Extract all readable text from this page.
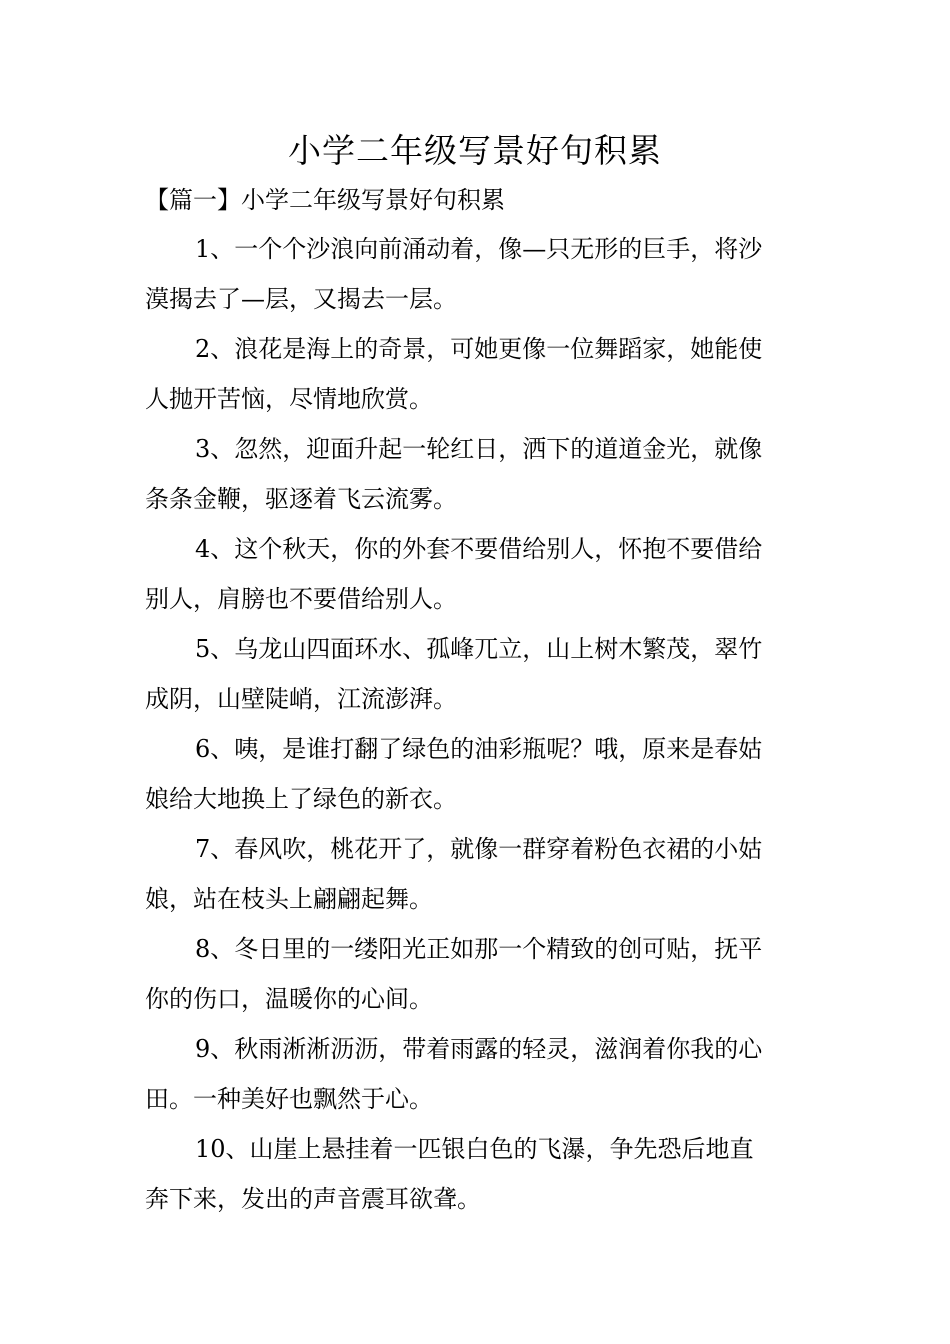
小学二年级写景好句积累
【篇一】小学二年级写景好句积累

1、一个个沙浪向前涌动着，像—只无形的巨手，将沙
漠揭去了—层，又揭去一层。

2、浪花是海上的奇景，可她更像一位舞蹈家，她能使
人抛开苦恼，尽情地欣赏。

3、忽然，迎面升起一轮红日，洒下的道道金光，就像
条条金鞭，驱逐着飞云流雾。

4、这个秋天，你的外套不要借给别人，怀抱不要借给
别人，肩膀也不要借给别人。

5、乌龙山四面环水、孤峰兀立，山上树木繁茂，翠竹
成阴，山壁陡峭，江流澎湃。

6、咦，是谁打翻了绿色的油彩瓶呢？哦，原来是春姑
娘给大地换上了绿色的新衣。

7、春风吹，桃花开了，就像一群穿着粉色衣裙的小姑
娘，站在枝头上翩翩起舞。

8、冬日里的一缕阳光正如那一个精致的创可贴，抚平
你的伤口，温暖你的心间。

9、秋雨淅淅沥沥，带着雨露的轻灵，滋润着你我的心
田。一种美好也飘然于心。

10、山崖上悬挂着一匹银白色的飞瀑，争先恐后地直
奔下来，发出的声音震耳欲聋。
